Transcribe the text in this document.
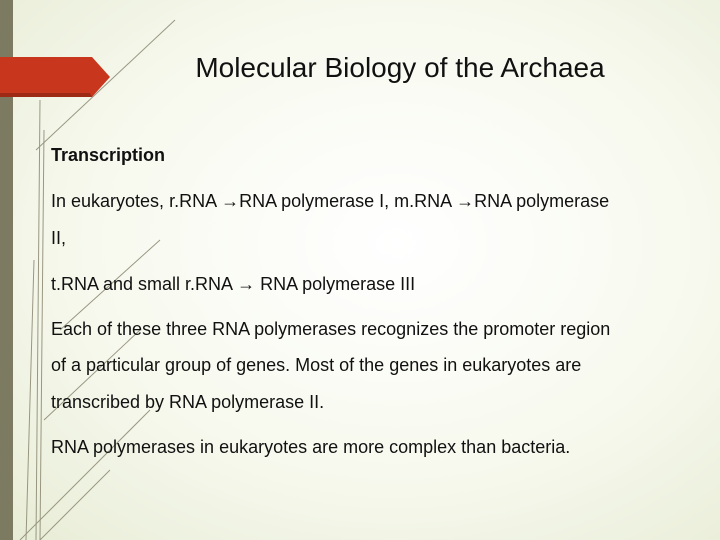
Molecular Biology of the Archaea
Transcription
In eukaryotes, r.RNA →RNA polymerase I, m.RNA →RNA polymerase
II,
t.RNA and small r.RNA → RNA polymerase III
Each of these three RNA polymerases recognizes the promoter region
of a particular group of genes. Most of the genes in eukaryotes are
transcribed by RNA polymerase II.
RNA polymerases in eukaryotes are more complex than bacteria.
